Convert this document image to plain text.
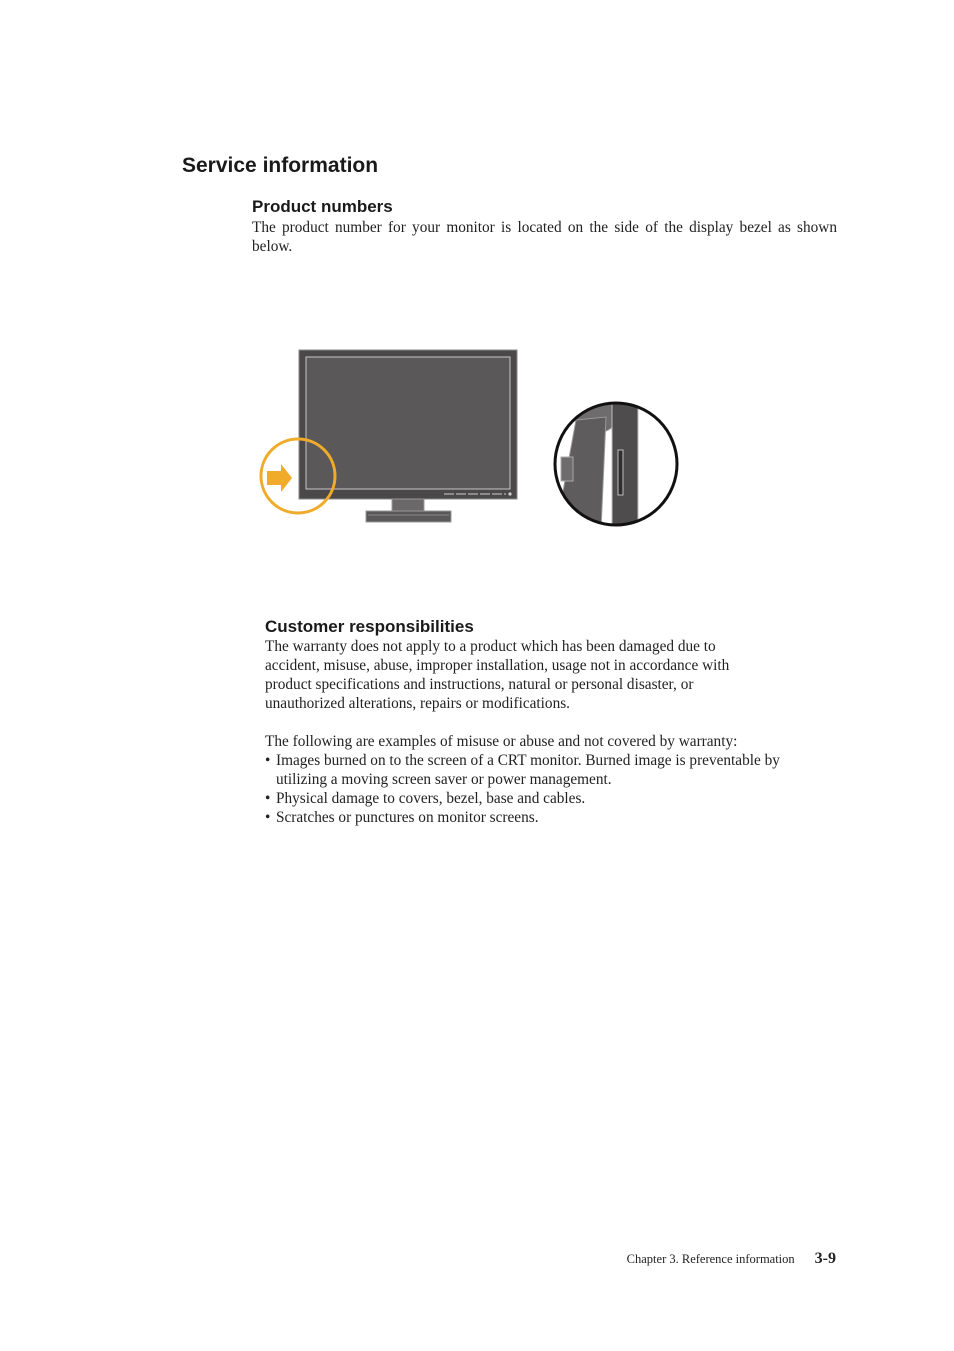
Service information
Product numbers

The product number for your monitor is located on the side of the display bezel as shown below.

Customer responsibilities

The warranty does not apply to a product which has been damaged due to

accident, misuse, abuse, improper installation, usage not in accordance with

product specifications and instructions, natural or personal disaster, or

unauthorized alterations, repairs or modifications.

The following are examples of misuse or abuse and not covered by warranty:

• Images burned on to the screen of a CRT monitor. Burned image is preventable by utilizing a moving screen saver or power management.
• Physical damage to covers, bezel, base and cables.
• Scratches or punctures on monitor screens.
Chapter 3. Reference information 3-9
